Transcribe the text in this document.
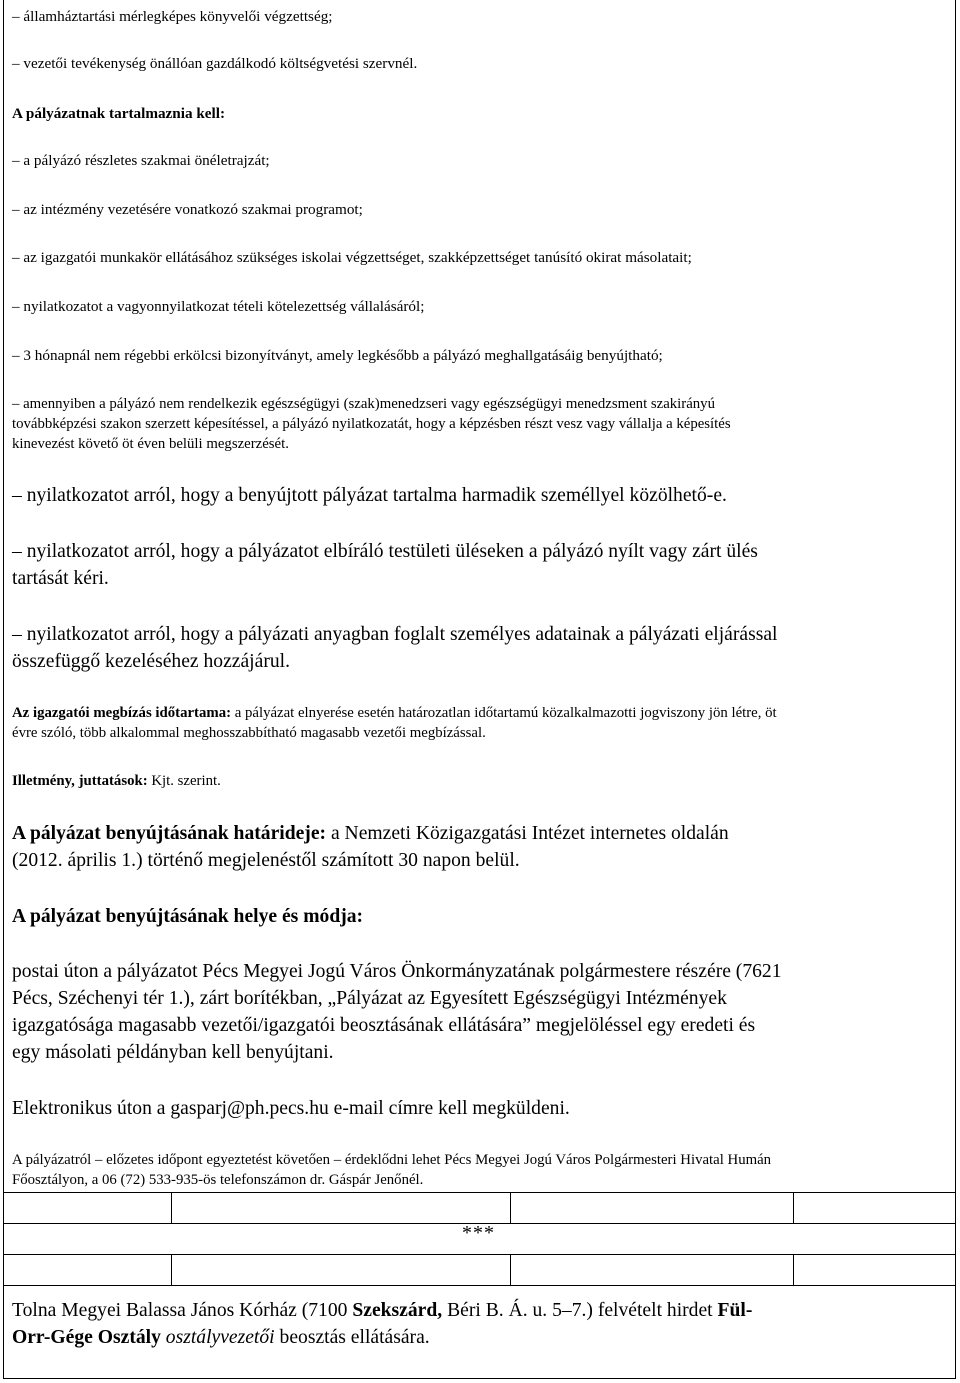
– államháztartási mérlegképes könyvelői végzettség;
– vezetői tevékenység önállóan gazdálkodó költségvetési szervnél.
A pályázatnak tartalmaznia kell:
– a pályázó részletes szakmai önéletrajzát;
– az intézmény vezetésére vonatkozó szakmai programot;
– az igazgatói munkakör ellátásához szükséges iskolai végzettséget, szakképzettséget tanúsító okirat másolatait;
– nyilatkozatot a vagyonnyilatkozat tételi kötelezettség vállalásáról;
– 3 hónapnál nem régebbi erkölcsi bizonyítványt, amely legkésőbb a pályázó meghallgatásáig benyújtható;
– amennyiben a pályázó nem rendelkezik egészségügyi (szak)menedzseri vagy egészségügyi menedzsment szakirányú
továbbképzési szakon szerzett képesítéssel, a pályázó nyilatkozatát, hogy a képzésben részt vesz vagy vállalja a képesítés
kinevezést követő öt éven belüli megszerzését.
– nyilatkozatot arról, hogy a benyújtott pályázat tartalma harmadik személlyel közölhető-e.
– nyilatkozatot arról, hogy a pályázatot elbíráló testületi üléseken a pályázó nyílt vagy zárt ülés
tartását kéri.
– nyilatkozatot arról, hogy a pályázati anyagban foglalt személyes adatainak a pályázati eljárással
összefüggő kezeléséhez hozzájárul.
Az igazgatói megbízás időtartama: a pályázat elnyerése esetén határozatlan időtartamú közalkalmazotti jogviszony jön létre, öt
évre szóló, több alkalommal meghosszabbítható magasabb vezetői megbízással.
Illetmény, juttatások: Kjt. szerint.
A pályázat benyújtásának határideje: a Nemzeti Közigazgatási Intézet internetes oldalán
(2012. április 1.) történő megjelenéstől számított 30 napon belül.
A pályázat benyújtásának helye és módja:
postai úton a pályázatot Pécs Megyei Jogú Város Önkormányzatának polgármestere részére (7621
Pécs, Széchenyi tér 1.), zárt borítékban, „Pályázat az Egyesített Egészségügyi Intézmények
igazgatósága magasabb vezetői/igazgatói beosztásának ellátására” megjelöléssel egy eredeti és
egy másolati példányban kell benyújtani.
Elektronikus úton a gasparj@ph.pecs.hu e-mail címre kell megküldeni.
A pályázatról – előzetes időpont egyeztetést követően – érdeklődni lehet Pécs Megyei Jogú Város Polgármesteri Hivatal Humán
Főosztályon, a 06 (72) 533-935-ös telefonszámon dr. Gáspár Jenőnél.
Tolna Megyei Balassa János Kórház (7100 Szekszárd, Béri B. Á. u. 5–7.) felvételt hirdet Fül-
Orr-Gége Osztály osztályvezetői beosztás ellátására.
***
